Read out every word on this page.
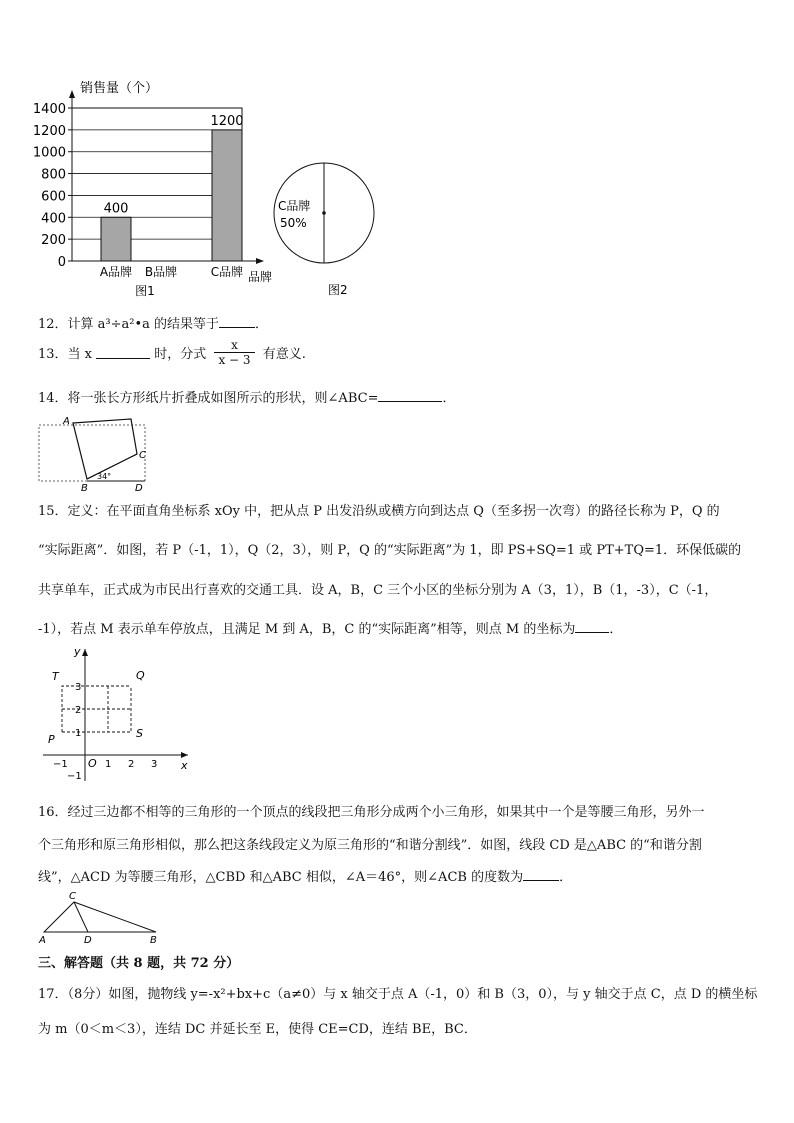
0
200
400
600
800
1000
1200
1400
销售量（个）
400
A品牌 B品牌
1200
C品牌 品牌
图1
C品牌
50%
图2
12．计算 a³÷a²•a 的结果等于	．
13．当 x	时，分式 $\frac{x}{x - 3}$ 有意义.
14．将一张长方形纸片折叠成如图所示的形状，则∠ABC=	．
A
B
C
D
34°
15．定义：在平面直角坐标系 xOy 中，把从点 P 出发沿纵或横方向到达点 Q（至多拐一次弯）的路径长称为 P，Q 的
“实际距离”．如图，若 P（-1，1），Q（2，3），则 P，Q 的“实际距离”为 1，即 PS+SQ=1 或 PT+TQ=1．环保低碳的
共享单车，正式成为市民出行喜欢的交通工具．设 A，B，C 三个小区的坐标分别为 A（3，1），B（1，-3），C（-1，
-1），若点 M 表示单车停放点，且满足 M 到 A，B，C 的“实际距离”相等，则点 M 的坐标为	．
y
x
O
T	Q
P	S
−1	1 2 3
3
2
1
−1
16．经过三边都不相等的三角形的一个顶点的线段把三角形分成两个小三角形，如果其中一个是等腰三角形，另外一
个三角形和原三角形相似，那么把这条线段定义为原三角形的“和谐分割线”．如图，线段 CD 是△ABC 的“和谐分割
线”，△ACD 为等腰三角形，△CBD 和△ABC 相似，∠A＝46°，则∠ACB 的度数为	．
C
A	D	B
三、解答题（共 8 题，共 72 分）
17．（8分）如图，抛物线 y=-x²+bx+c（a≠0）与 x 轴交于点 A（-1，0）和 B（3，0），与 y 轴交于点 C，点 D 的横坐标
为 m（0＜m＜3），连结 DC 并延长至 E，使得 CE=CD，连结 BE，BC．
